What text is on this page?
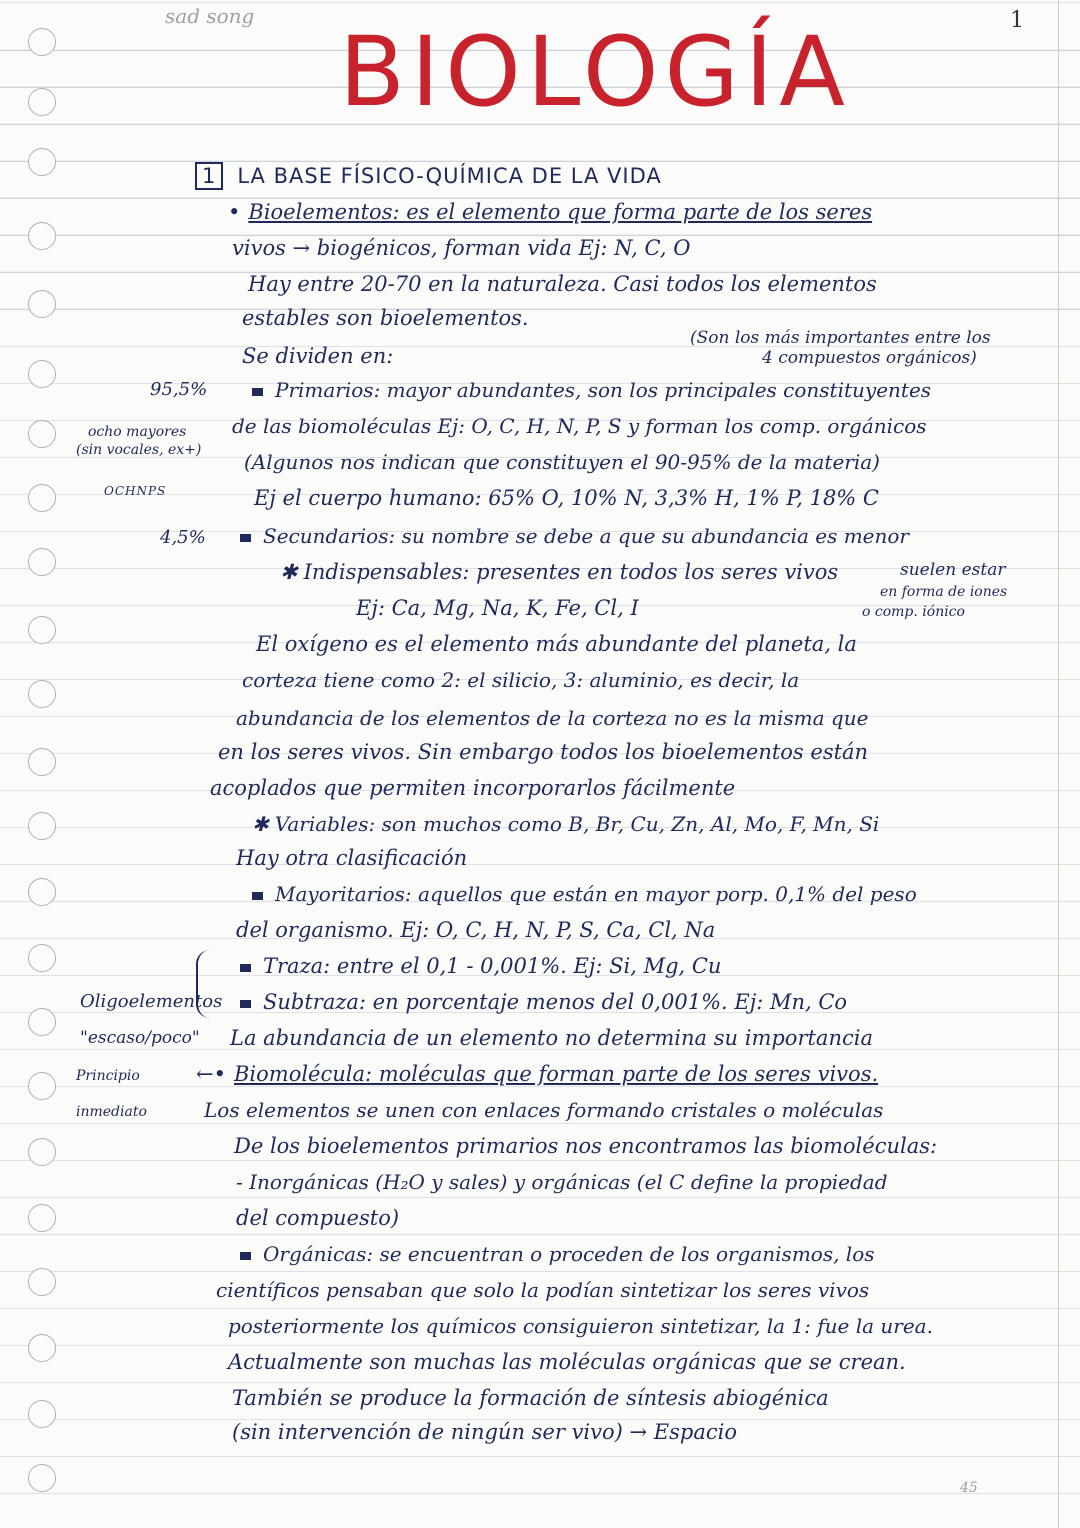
sad song	1
BIOLOGÍA
1 LA BASE FÍSICO-QUÍMICA DE LA VIDA
95,5%
ocho mayores
(sin vocales, ex+)
OCHNPS
4,5%
Oligoelementos
"escaso/poco"
Principio
inmediato
• Bioelementos: es el elemento que forma parte de los seres
vivos → biogénicos, forman vida Ej: N, C, O
Hay entre 20-70 en la naturaleza. Casi todos los elementos
estables son bioelementos.
(Son los más importantes entre los
4 compuestos orgánicos)
Se dividen en:
Primarios: mayor abundantes, son los principales constituyentes
de las biomoléculas Ej: O, C, H, N, P, S y forman los comp. orgánicos
(Algunos nos indican que constituyen el 90-95% de la materia)
Ej el cuerpo humano: 65% O, 10% N, 3,3% H, 1% P, 18% C
Secundarios: su nombre se debe a que su abundancia es menor
✱ Indispensables: presentes en todos los seres vivos
Ej: Ca, Mg, Na, K, Fe, Cl, I
suelen estar
en forma de iones
o comp. iónico
El oxígeno es el elemento más abundante del planeta, la
corteza tiene como 2: el silicio, 3: aluminio, es decir, la
abundancia de los elementos de la corteza no es la misma que
en los seres vivos. Sin embargo todos los bioelementos están
acoplados que permiten incorporarlos fácilmente
✱ Variables: son muchos como B, Br, Cu, Zn, Al, Mo, F, Mn, Si
Hay otra clasificación
Mayoritarios: aquellos que están en mayor porp. 0,1% del peso
del organismo. Ej: O, C, H, N, P, S, Ca, Cl, Na
Traza: entre el 0,1 - 0,001%. Ej: Si, Mg, Cu
Subtraza: en porcentaje menos del 0,001%. Ej: Mn, Co
La abundancia de un elemento no determina su importancia
←• Biomolécula: moléculas que forman parte de los seres vivos.
Los elementos se unen con enlaces formando cristales o moléculas
De los bioelementos primarios nos encontramos las biomoléculas:
- Inorgánicas (H₂O y sales) y orgánicas (el C define la propiedad
del compuesto)
Orgánicas: se encuentran o proceden de los organismos, los
científicos pensaban que solo la podían sintetizar los seres vivos
posteriormente los químicos consiguieron sintetizar, la 1: fue la urea.
Actualmente son muchas las moléculas orgánicas que se crean.
También se produce la formación de síntesis abiogénica
(sin intervención de ningún ser vivo) → Espacio
45
